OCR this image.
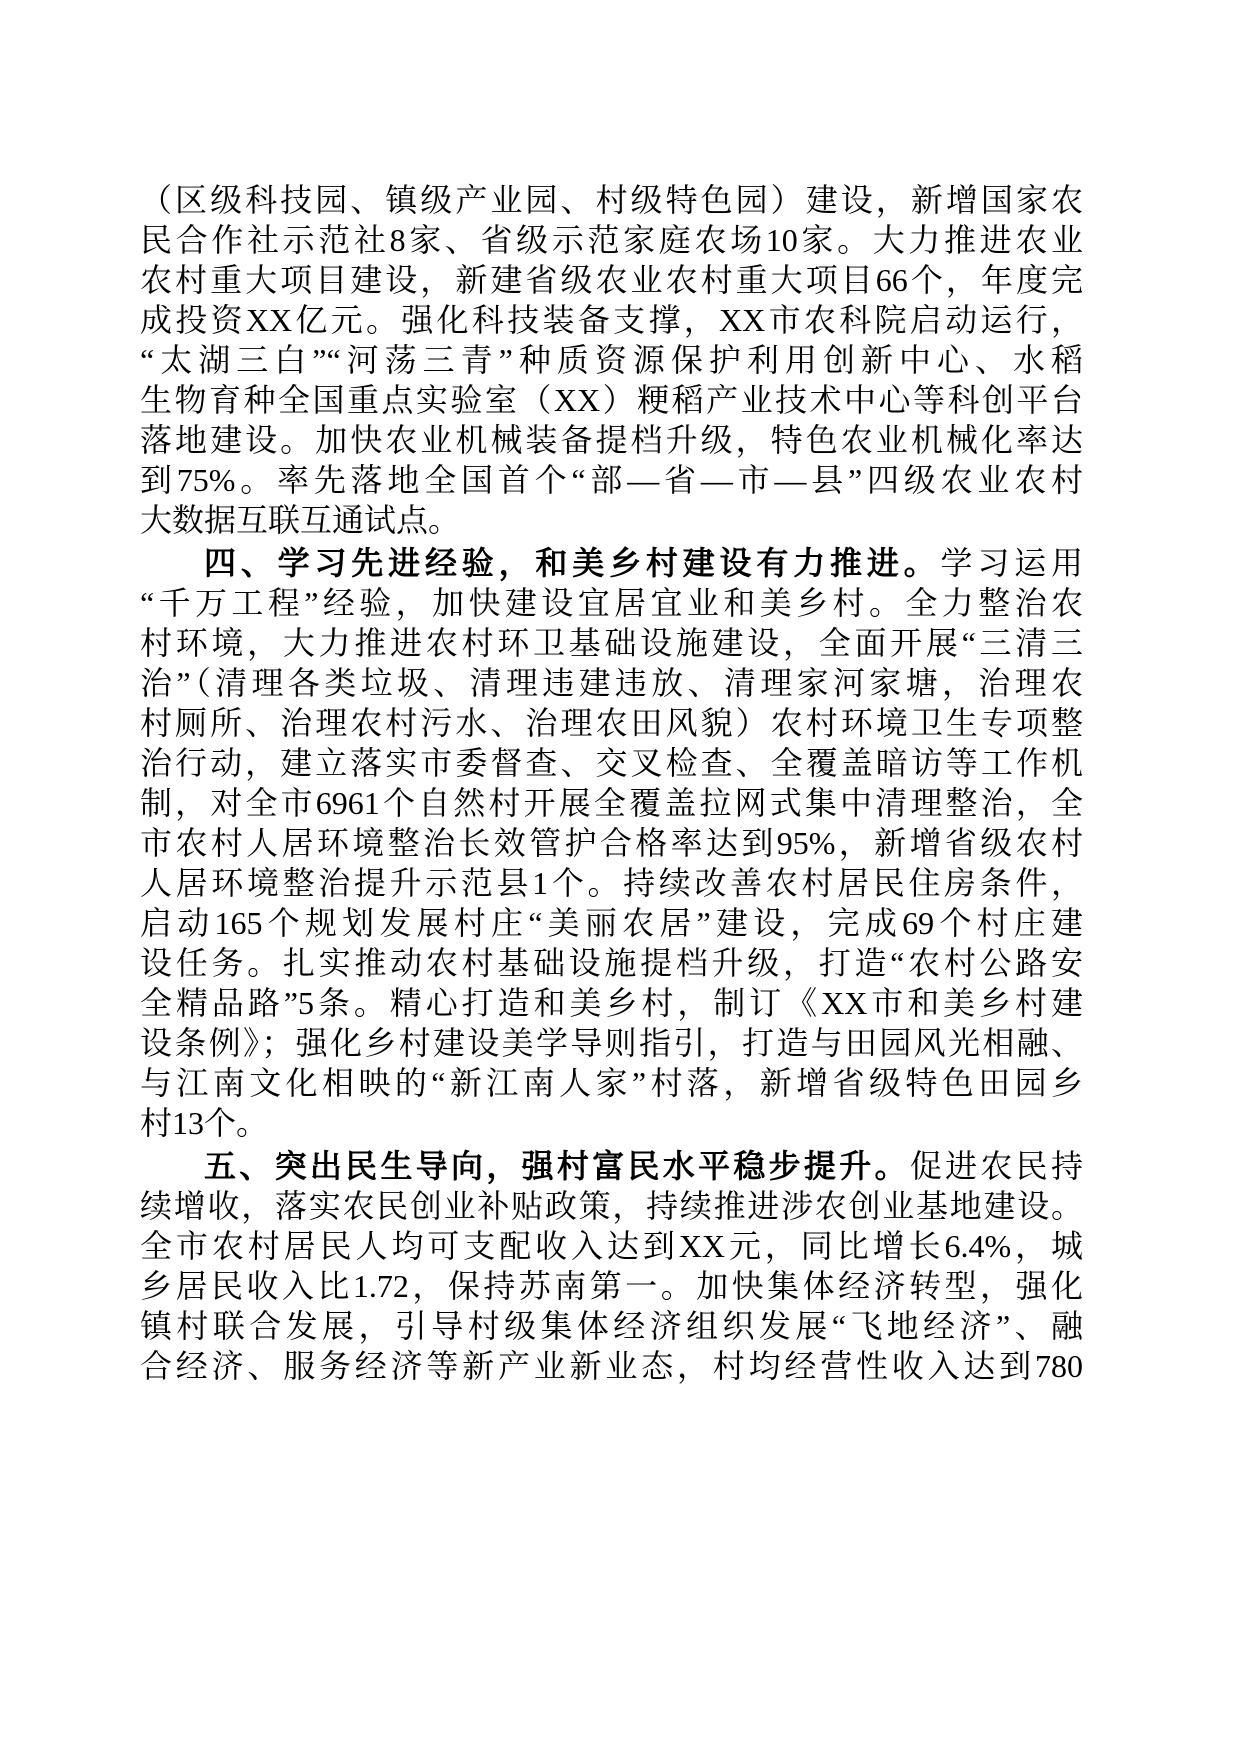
（区级科技园、镇级产业园、村级特色园）建设，新增国家农
民合作社示范社8家、省级示范家庭农场10家。大力推进农业
农村重大项目建设，新建省级农业农村重大项目66个，年度完
成投资XX亿元。强化科技装备支撑，XX市农科院启动运行，
“太湖三白”“河荡三青”种质资源保护利用创新中心、水稻
生物育种全国重点实验室（XX）粳稻产业技术中心等科创平台
落地建设。加快农业机械装备提档升级，特色农业机械化率达
到75%。率先落地全国首个“部—省—市—县”四级农业农村
大数据互联互通试点。
四、学习先进经验，和美乡村建设有力推进。学习运用
“千万工程”经验，加快建设宜居宜业和美乡村。全力整治农
村环境，大力推进农村环卫基础设施建设，全面开展“三清三
治”（清理各类垃圾、清理违建违放、清理家河家塘，治理农
村厕所、治理农村污水、治理农田风貌）农村环境卫生专项整
治行动，建立落实市委督查、交叉检查、全覆盖暗访等工作机
制，对全市6961个自然村开展全覆盖拉网式集中清理整治，全
市农村人居环境整治长效管护合格率达到95%，新增省级农村
人居环境整治提升示范县1个。持续改善农村居民住房条件，
启动165个规划发展村庄“美丽农居”建设，完成69个村庄建
设任务。扎实推动农村基础设施提档升级，打造“农村公路安
全精品路”5条。精心打造和美乡村，制订《XX市和美乡村建
设条例》；强化乡村建设美学导则指引，打造与田园风光相融、
与江南文化相映的“新江南人家”村落，新增省级特色田园乡
村13个。
五、突出民生导向，强村富民水平稳步提升。促进农民持
续增收，落实农民创业补贴政策，持续推进涉农创业基地建设。
全市农村居民人均可支配收入达到XX元，同比增长6.4%，城
乡居民收入比1.72，保持苏南第一。加快集体经济转型，强化
镇村联合发展，引导村级集体经济组织发展“飞地经济”、融
合经济、服务经济等新产业新业态，村均经营性收入达到780
